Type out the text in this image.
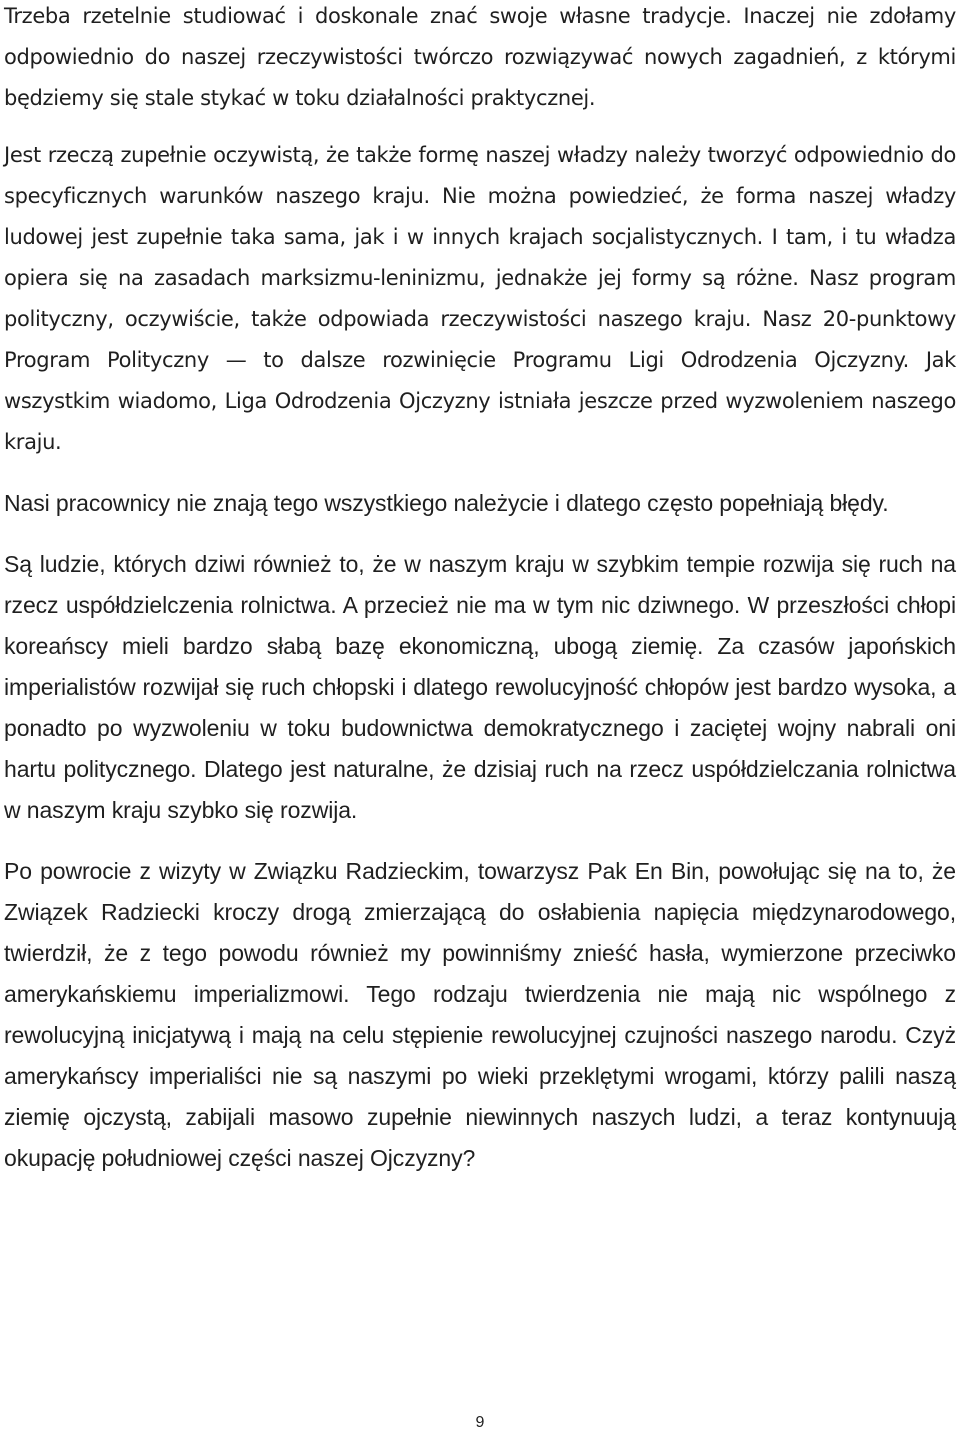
Trzeba rzetelnie studiować i doskonale znać swoje własne tradycje. Inaczej nie zdołamy odpowiednio do naszej rzeczywistości twórczo rozwiązywać nowych zagadnień, z którymi będziemy się stale stykać w toku działalności praktycznej.

Jest rzeczą zupełnie oczywistą, że także formę naszej władzy należy tworzyć odpowiednio do specyficznych warunków naszego kraju. Nie można powiedzieć, że forma naszej władzy ludowej jest zupełnie taka sama, jak i w innych krajach socjalistycznych. I tam, i tu władza opiera się na zasadach marksizmu-leninizmu, jednakże jej formy są różne. Nasz program polityczny, oczywiście, także odpowiada rzeczywistości naszego kraju. Nasz 20-punktowy Program Polityczny — to dalsze rozwinięcie Programu Ligi Odrodzenia Ojczyzny. Jak wszystkim wiadomo, Liga Odrodzenia Ojczyzny istniała jeszcze przed wyzwoleniem naszego kraju.

Nasi pracownicy nie znają tego wszystkiego należycie i dlatego często popełniają błędy.

Są ludzie, których dziwi również to, że w naszym kraju w szybkim tempie rozwija się ruch na rzecz uspółdzielczenia rolnictwa. A przecież nie ma w tym nic dziwnego. W przeszłości chłopi koreańscy mieli bardzo słabą bazę ekonomiczną, ubogą ziemię. Za czasów japońskich imperialistów rozwijał się ruch chłopski i dlatego rewolucyjność chłopów jest bardzo wysoka, a ponadto po wyzwoleniu w toku budownictwa demokratycznego i zaciętej wojny nabrali oni hartu politycznego. Dlatego jest naturalne, że dzisiaj ruch na rzecz uspółdzielczania rolnictwa w naszym kraju szybko się rozwija.

Po powrocie z wizyty w Związku Radzieckim, towarzysz Pak En Bin, powołując się na to, że Związek Radziecki kroczy drogą zmierzającą do osłabienia napięcia międzynarodowego, twierdził, że z tego powodu również my powinniśmy znieść hasła, wymierzone przeciwko amerykańskiemu imperializmowi. Tego rodzaju twierdzenia nie mają nic wspólnego z rewolucyjną inicjatywą i mają na celu stępienie rewolucyjnej czujności naszego narodu. Czyż amerykańscy imperialiści nie są naszymi po wieki przeklętymi wrogami, którzy palili naszą ziemię ojczystą, zabijali masowo zupełnie niewinnych naszych ludzi, a teraz kontynuują okupację południowej części naszej Ojczyzny?

9
